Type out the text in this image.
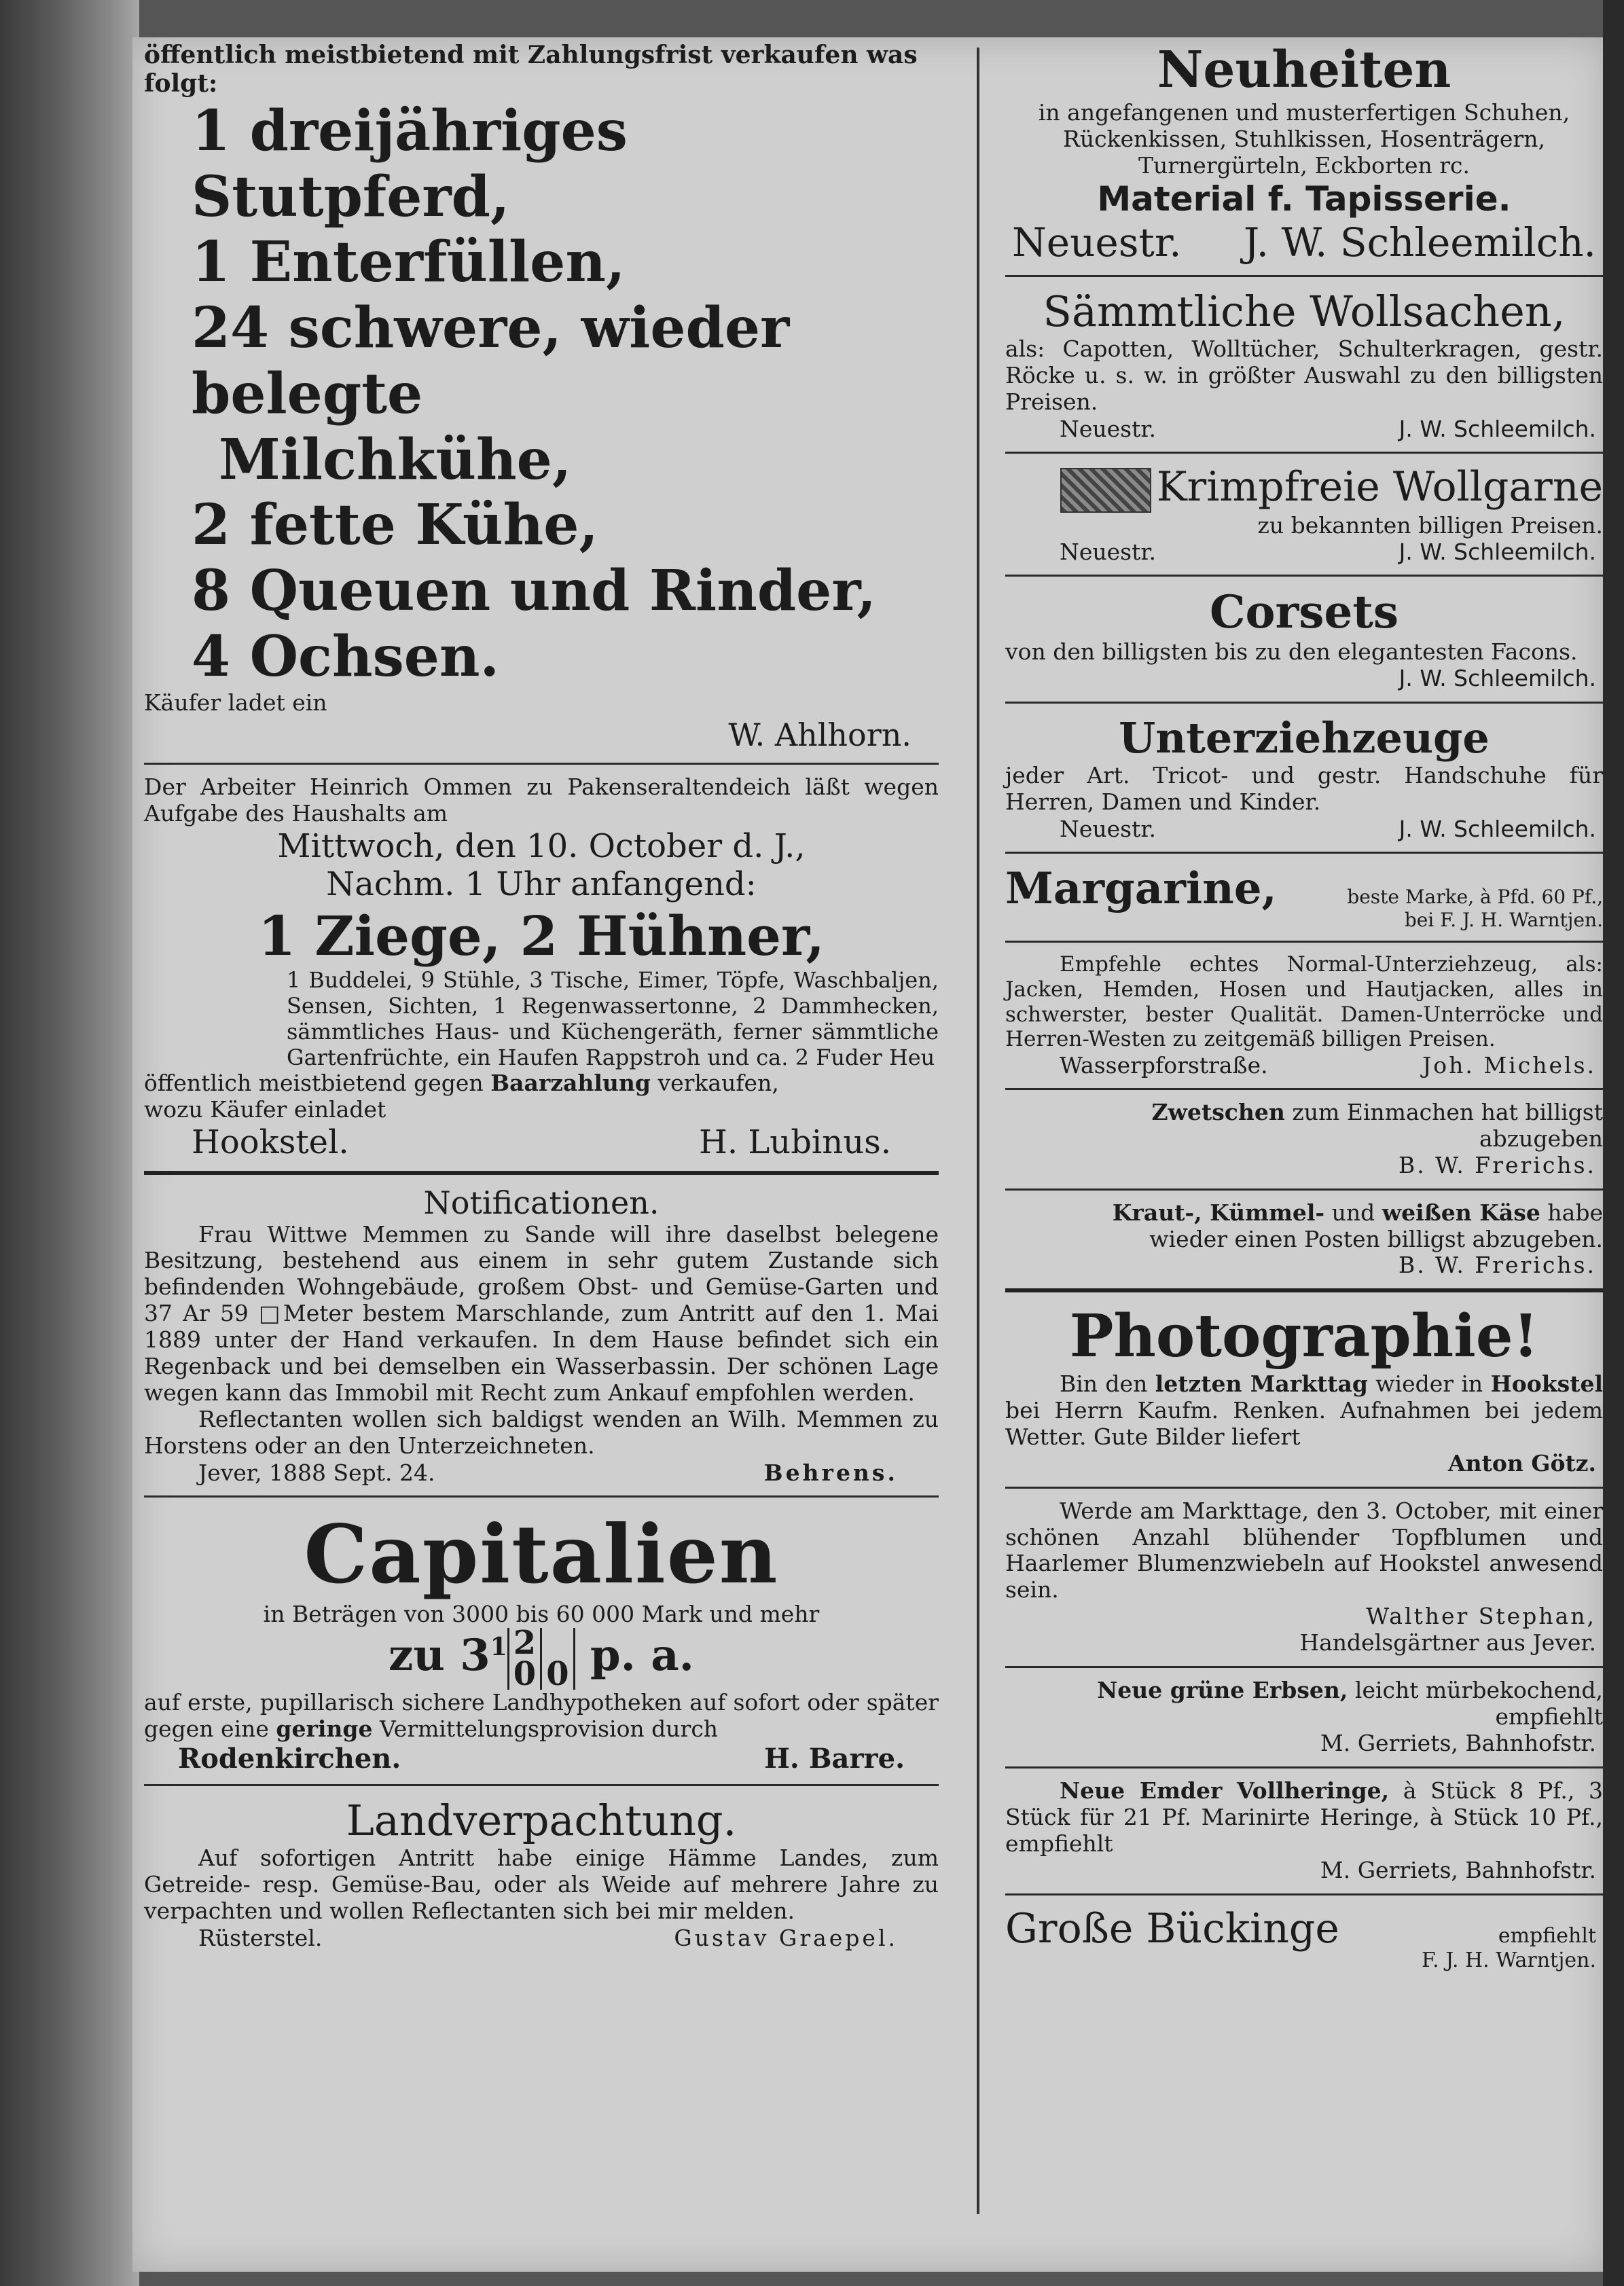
öffentlich meistbietend mit Zahlungsfrist verkaufen was folgt:

1 dreijähriges Stutpferd,

1 Enterfüllen,

24 schwere, wieder belegte

Milchkühe,

2 fette Kühe,

8 Queuen und Rinder,

4 Ochsen.

Käufer ladet ein

W. Ahlhorn.

Der Arbeiter Heinrich Ommen zu Pakenseraltendeich läßt wegen Aufgabe des Haushalts am

Mittwoch, den 10. October d. J.,

Nachm. 1 Uhr anfangend:

1 Ziege, 2 Hühner,

1 Buddelei, 9 Stühle, 3 Tische, Eimer, Töpfe, Waschbaljen, Sensen, Sichten, 1 Regenwassertonne, 2 Dammhecken, sämmtliches Haus- und Küchengeräth, ferner sämmtliche Gartenfrüchte, ein Haufen Rappstroh und ca. 2 Fuder Heu

öffentlich meistbietend gegen Baarzahlung verkaufen,

wozu Käufer einladet

Hookstel.	H. Lubinus.

Notificationen.

Frau Wittwe Memmen zu Sande will ihre daselbst belegene Besitzung, bestehend aus einem in sehr gutem Zustande sich befindenden Wohngebäude, großem Obst- und Gemüse-Garten und 37 Ar 59 □Meter bestem Marschlande, zum Antritt auf den 1. Mai 1889 unter der Hand verkaufen. In dem Hause befindet sich ein Regenback und bei demselben ein Wasserbassin. Der schönen Lage wegen kann das Immobil mit Recht zum Ankauf empfohlen werden.

Reflectanten wollen sich baldigst wenden an Wilh. Memmen zu Horstens oder an den Unterzeichneten.

Jever, 1888 Sept. 24.	Behrens.

Capitalien

in Beträgen von 3000 bis 60 000 Mark und mehr

zu $3^1$ 2
0 0 p. a.

auf erste, pupillarisch sichere Landhypotheken auf sofort oder später gegen eine geringe Vermittelungsprovision durch

Rodenkirchen.	H. Barre.

Landverpachtung.

Auf sofortigen Antritt habe einige Hämme Landes, zum Getreide- resp. Gemüse-Bau, oder als Weide auf mehrere Jahre zu verpachten und wollen Reflectanten sich bei mir melden.

Rüsterstel.	Gustav Graepel.

Neuheiten

in angefangenen und musterfertigen Schuhen, Rückenkissen, Stuhlkissen, Hosenträgern, Turnergürteln, Eckborten rc.

Material f. Tapisserie.

Neuestr. J. W. Schleemilch.

Sämmtliche Wollsachen,

als: Capotten, Wolltücher, Schulterkragen, gestr. Röcke u. s. w. in größter Auswahl zu den billigsten Preisen.

Neuestr.	J. W. Schleemilch.

Krimpfreie Wollgarne

zu bekannten billigen Preisen.

Neuestr.	J. W. Schleemilch.

Corsets

von den billigsten bis zu den elegantesten Facons.

J. W. Schleemilch.

Unterziehzeuge

jeder Art. Tricot- und gestr. Handschuhe für Herren, Damen und Kinder.

Neuestr.	J. W. Schleemilch.
Margarine,	beste Marke, à Pfd. 60 Pf.,
bei F. J. H. Warntjen.

Empfehle echtes Normal-Unterziehzeug, als: Jacken, Hemden, Hosen und Hautjacken, alles in schwerster, bester Qualität. Damen-Unterröcke und Herren-Westen zu zeitgemäß billigen Preisen.

Wasserpforstraße.	Joh. Michels.

Zwetschen zum Einmachen hat billigst abzugeben

B. W. Frerichs.

Kraut-, Kümmel- und weißen Käse habe wieder einen Posten billigst abzugeben.

B. W. Frerichs.

Photographie!

Bin den letzten Markttag wieder in Hookstel bei Herrn Kaufm. Renken. Aufnahmen bei jedem Wetter. Gute Bilder liefert

Anton Götz.

Werde am Markttage, den 3. October, mit einer schönen Anzahl blühender Topfblumen und Haarlemer Blumenzwiebeln auf Hookstel anwesend sein.

Walther Stephan,

Handelsgärtner aus Jever.

Neue grüne Erbsen, leicht mürbekochend, empfiehlt

M. Gerriets, Bahnhofstr.

Neue Emder Vollheringe, à Stück 8 Pf., 3 Stück für 21 Pf. Marinirte Heringe, à Stück 10 Pf., empfiehlt

M. Gerriets, Bahnhofstr.

Große Bückinge	empfiehlt
F. J. H. Warntjen.
